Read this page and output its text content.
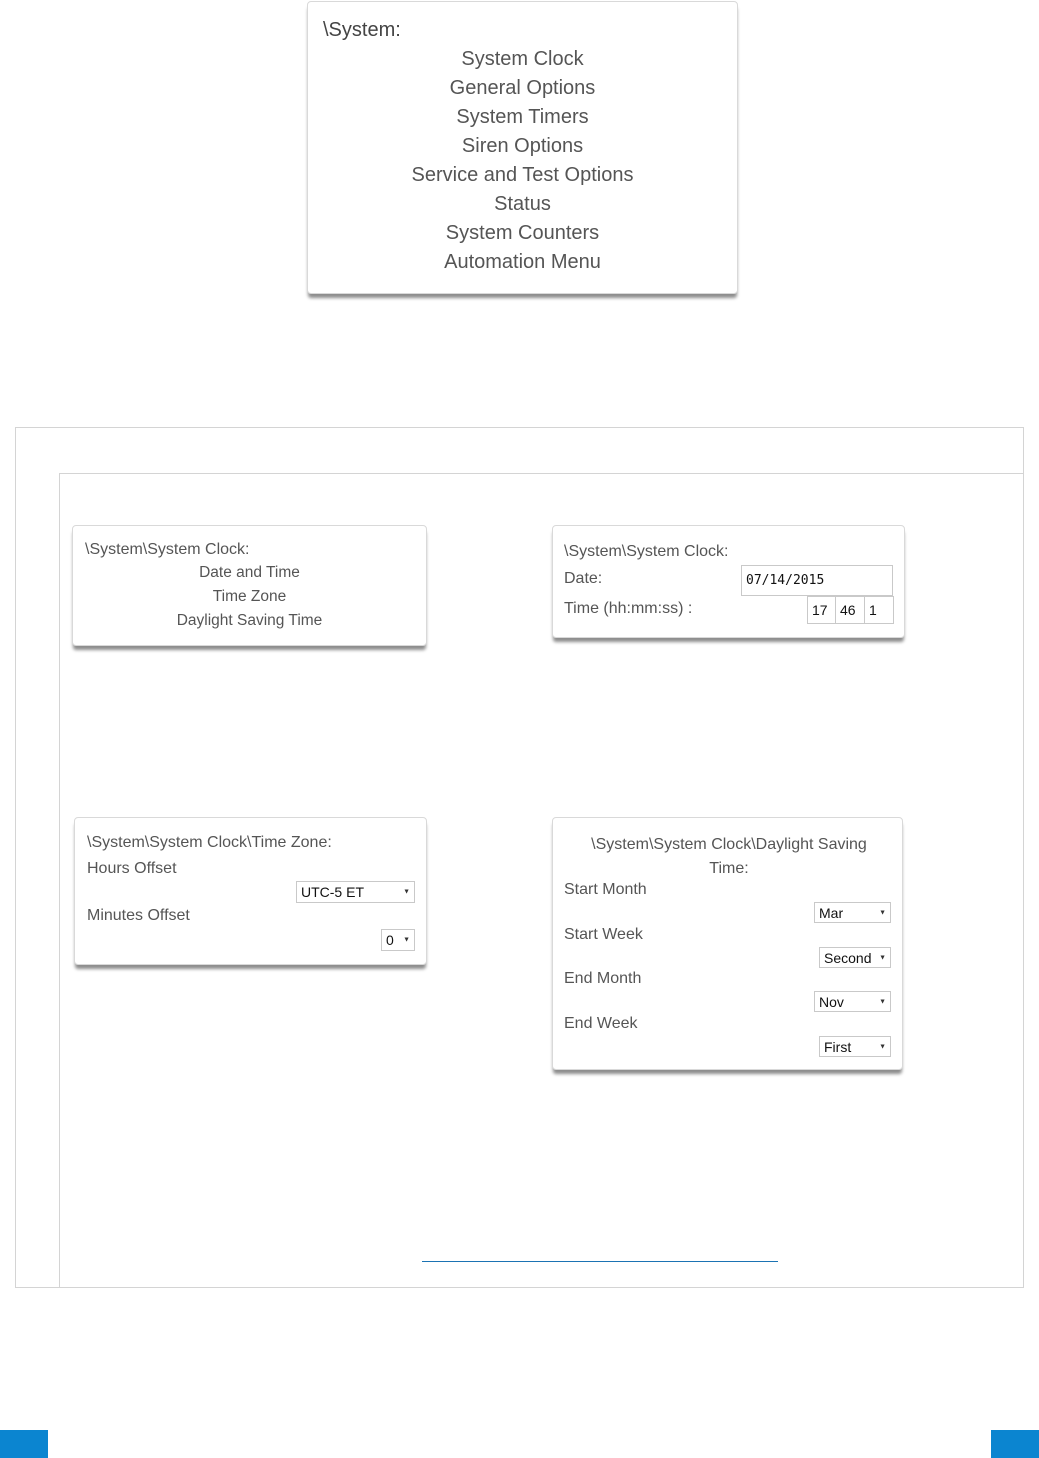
\System:
System Clock
General Options
System Timers
Siren Options
Service and Test Options
Status
System Counters
Automation Menu
\System\System Clock:
Date and Time
Time Zone
Daylight Saving Time
\System\System Clock:
Date:	07/14/2015
Time (hh:mm:ss) :	17 46 1
\System\System Clock\Time Zone:
Hours Offset
UTC-5 ET	▼
Minutes Offset
0 ▼
\System\System Clock\Daylight Saving Time:
Start Month
Mar	▼
Start Week
Second ▼
End Month
Nov	▼
End Week
First	▼
